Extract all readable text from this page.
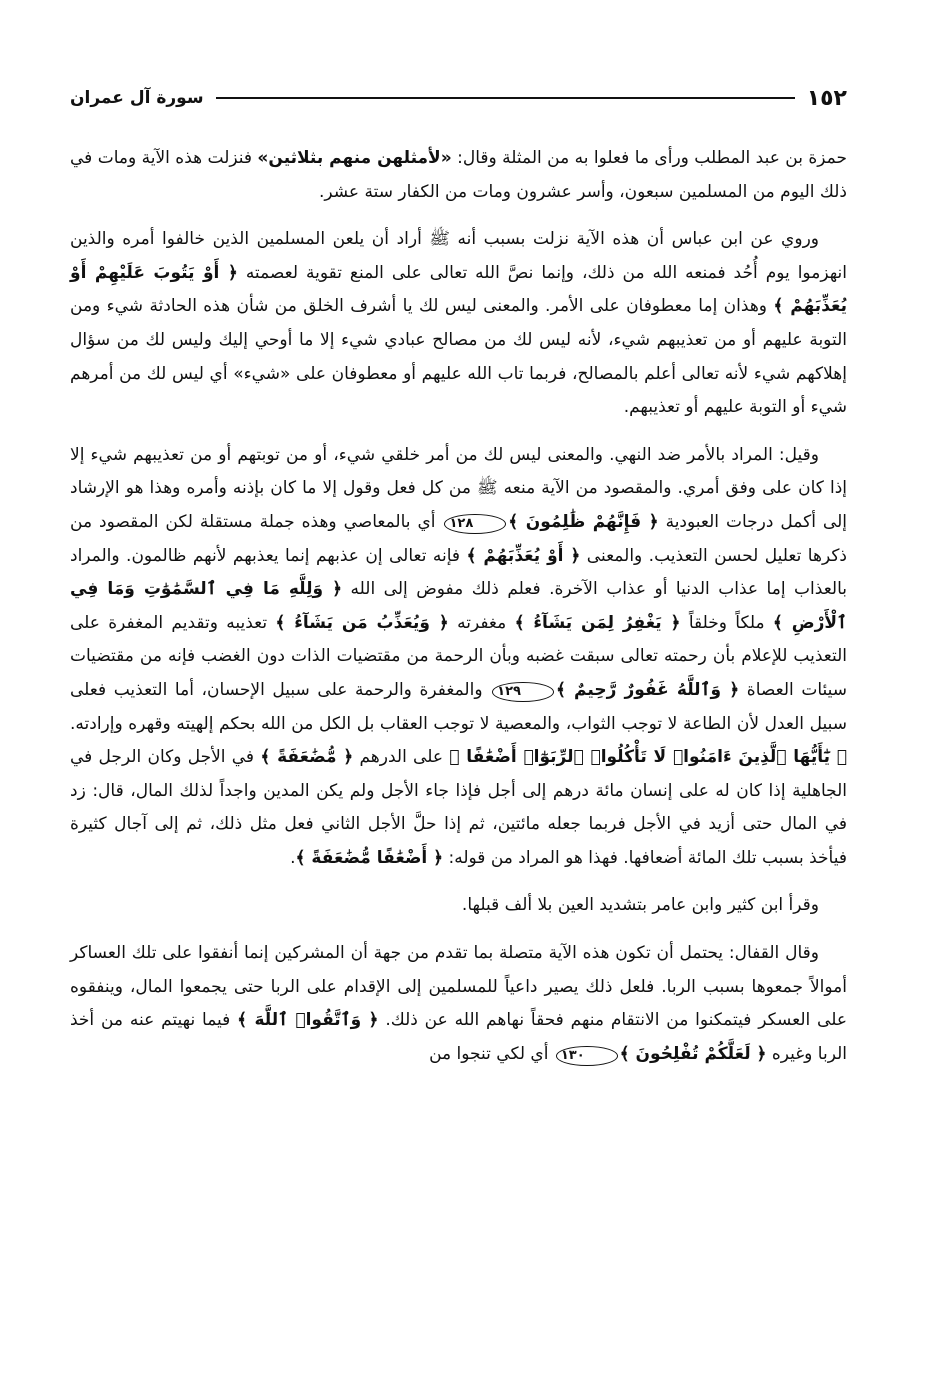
١٥٢
سورة آل عمران

حمزة بن عبد المطلب ورأى ما فعلوا به من المثلة وقال: «لأمثلهن منهم بثلاثين» فنزلت هذه الآية ومات في ذلك اليوم من المسلمين سبعون، وأسر عشرون ومات من الكفار ستة عشر.

وروي عن ابن عباس أن هذه الآية نزلت بسبب أنه ﷺ أراد أن يلعن المسلمين الذين خالفوا أمره والذين انهزموا يوم أُحُد فمنعه الله من ذلك، وإنما نصَّ الله تعالى على المنع تقوية لعصمته ﴿ أَوْ يَتُوبَ عَلَيْهِمْ أَوْ يُعَذِّبَهُمْ ﴾ وهذان إما معطوفان على الأمر. والمعنى ليس لك يا أشرف الخلق من شأن هذه الحادثة شيء ومن التوبة عليهم أو من تعذيبهم شيء، لأنه ليس لك من مصالح عبادي شيء إلا ما أوحي إليك وليس لك من سؤال إهلاكهم شيء لأنه تعالى أعلم بالمصالح، فربما تاب الله عليهم أو معطوفان على «شيء» أي ليس لك من أمرهم شيء أو التوبة عليهم أو تعذيبهم.

وقيل: المراد بالأمر ضد النهي. والمعنى ليس لك من أمر خلقي شيء، أو من توبتهم أو من تعذيبهم شيء إلا إذا كان على وفق أمري. والمقصود من الآية منعه ﷺ من كل فعل وقول إلا ما كان بإذنه وأمره وهذا هو الإرشاد إلى أكمل درجات العبودية ﴿ فَإِنَّهُمْ ظَٰلِمُونَ ﴾١٢٨ أي بالمعاصي وهذه جملة مستقلة لكن المقصود من ذكرها تعليل لحسن التعذيب. والمعنى ﴿ أَوْ يُعَذِّبَهُمْ ﴾ فإنه تعالى إن عذبهم إنما يعذبهم لأنهم ظالمون. والمراد بالعذاب إما عذاب الدنيا أو عذاب الآخرة. فعلم ذلك مفوض إلى الله ﴿ وَلِلَّهِ مَا فِي ٱلسَّمَٰوَٰتِ وَمَا فِي ٱلْأَرْضِ ﴾ ملكاً وخلقاً ﴿ يَغْفِرُ لِمَن يَشَآءُ ﴾ مغفرته ﴿ وَيُعَذِّبُ مَن يَشَآءُ ﴾ تعذيبه وتقديم المغفرة على التعذيب للإعلام بأن رحمته تعالى سبقت غضبه وبأن الرحمة من مقتضيات الذات دون الغضب فإنه من مقتضيات سيئات العصاة ﴿ وَٱللَّهُ غَفُورٌ رَّحِيمٌ ﴾١٢٩ والمغفرة والرحمة على سبيل الإحسان، أما التعذيب فعلى سبيل العدل لأن الطاعة لا توجب الثواب، والمعصية لا توجب العقاب بل الكل من الله بحكم إلهيته وقهره وإرادته. ﴿ يَٰٓأَيُّهَا ٱلَّذِينَ ءَامَنُوا۟ لَا تَأْكُلُوا۟ ٱلرِّبَوٰٓا۟ أَضْعَٰفًا ﴾ على الدرهم ﴿ مُّضَٰعَفَةً ﴾ في الأجل وكان الرجل في الجاهلية إذا كان له على إنسان مائة درهم إلى أجل فإذا جاء الأجل ولم يكن المدين واجداً لذلك المال، قال: زد في المال حتى أزيد في الأجل فربما جعله مائتين، ثم إذا حلَّ الأجل الثاني فعل مثل ذلك، ثم إلى آجال كثيرة فيأخذ بسبب تلك المائة أضعافها. فهذا هو المراد من قوله: ﴿ أَضْعَٰفًا مُّضَٰعَفَةً ﴾.

وقرأ ابن كثير وابن عامر بتشديد العين بلا ألف قبلها.

وقال القفال: يحتمل أن تكون هذه الآية متصلة بما تقدم من جهة أن المشركين إنما أنفقوا على تلك العساكر أموالاً جمعوها بسبب الربا. فلعل ذلك يصير داعياً للمسلمين إلى الإقدام على الربا حتى يجمعوا المال، وينفقوه على العسكر فيتمكنوا من الانتقام منهم فحقاً نهاهم الله عن ذلك. ﴿ وَٱتَّقُوا۟ ٱللَّهَ ﴾ فيما نهيتم عنه من أخذ الربا وغيره ﴿ لَعَلَّكُمْ تُفْلِحُونَ ﴾١٣٠ أي لكي تنجوا من
